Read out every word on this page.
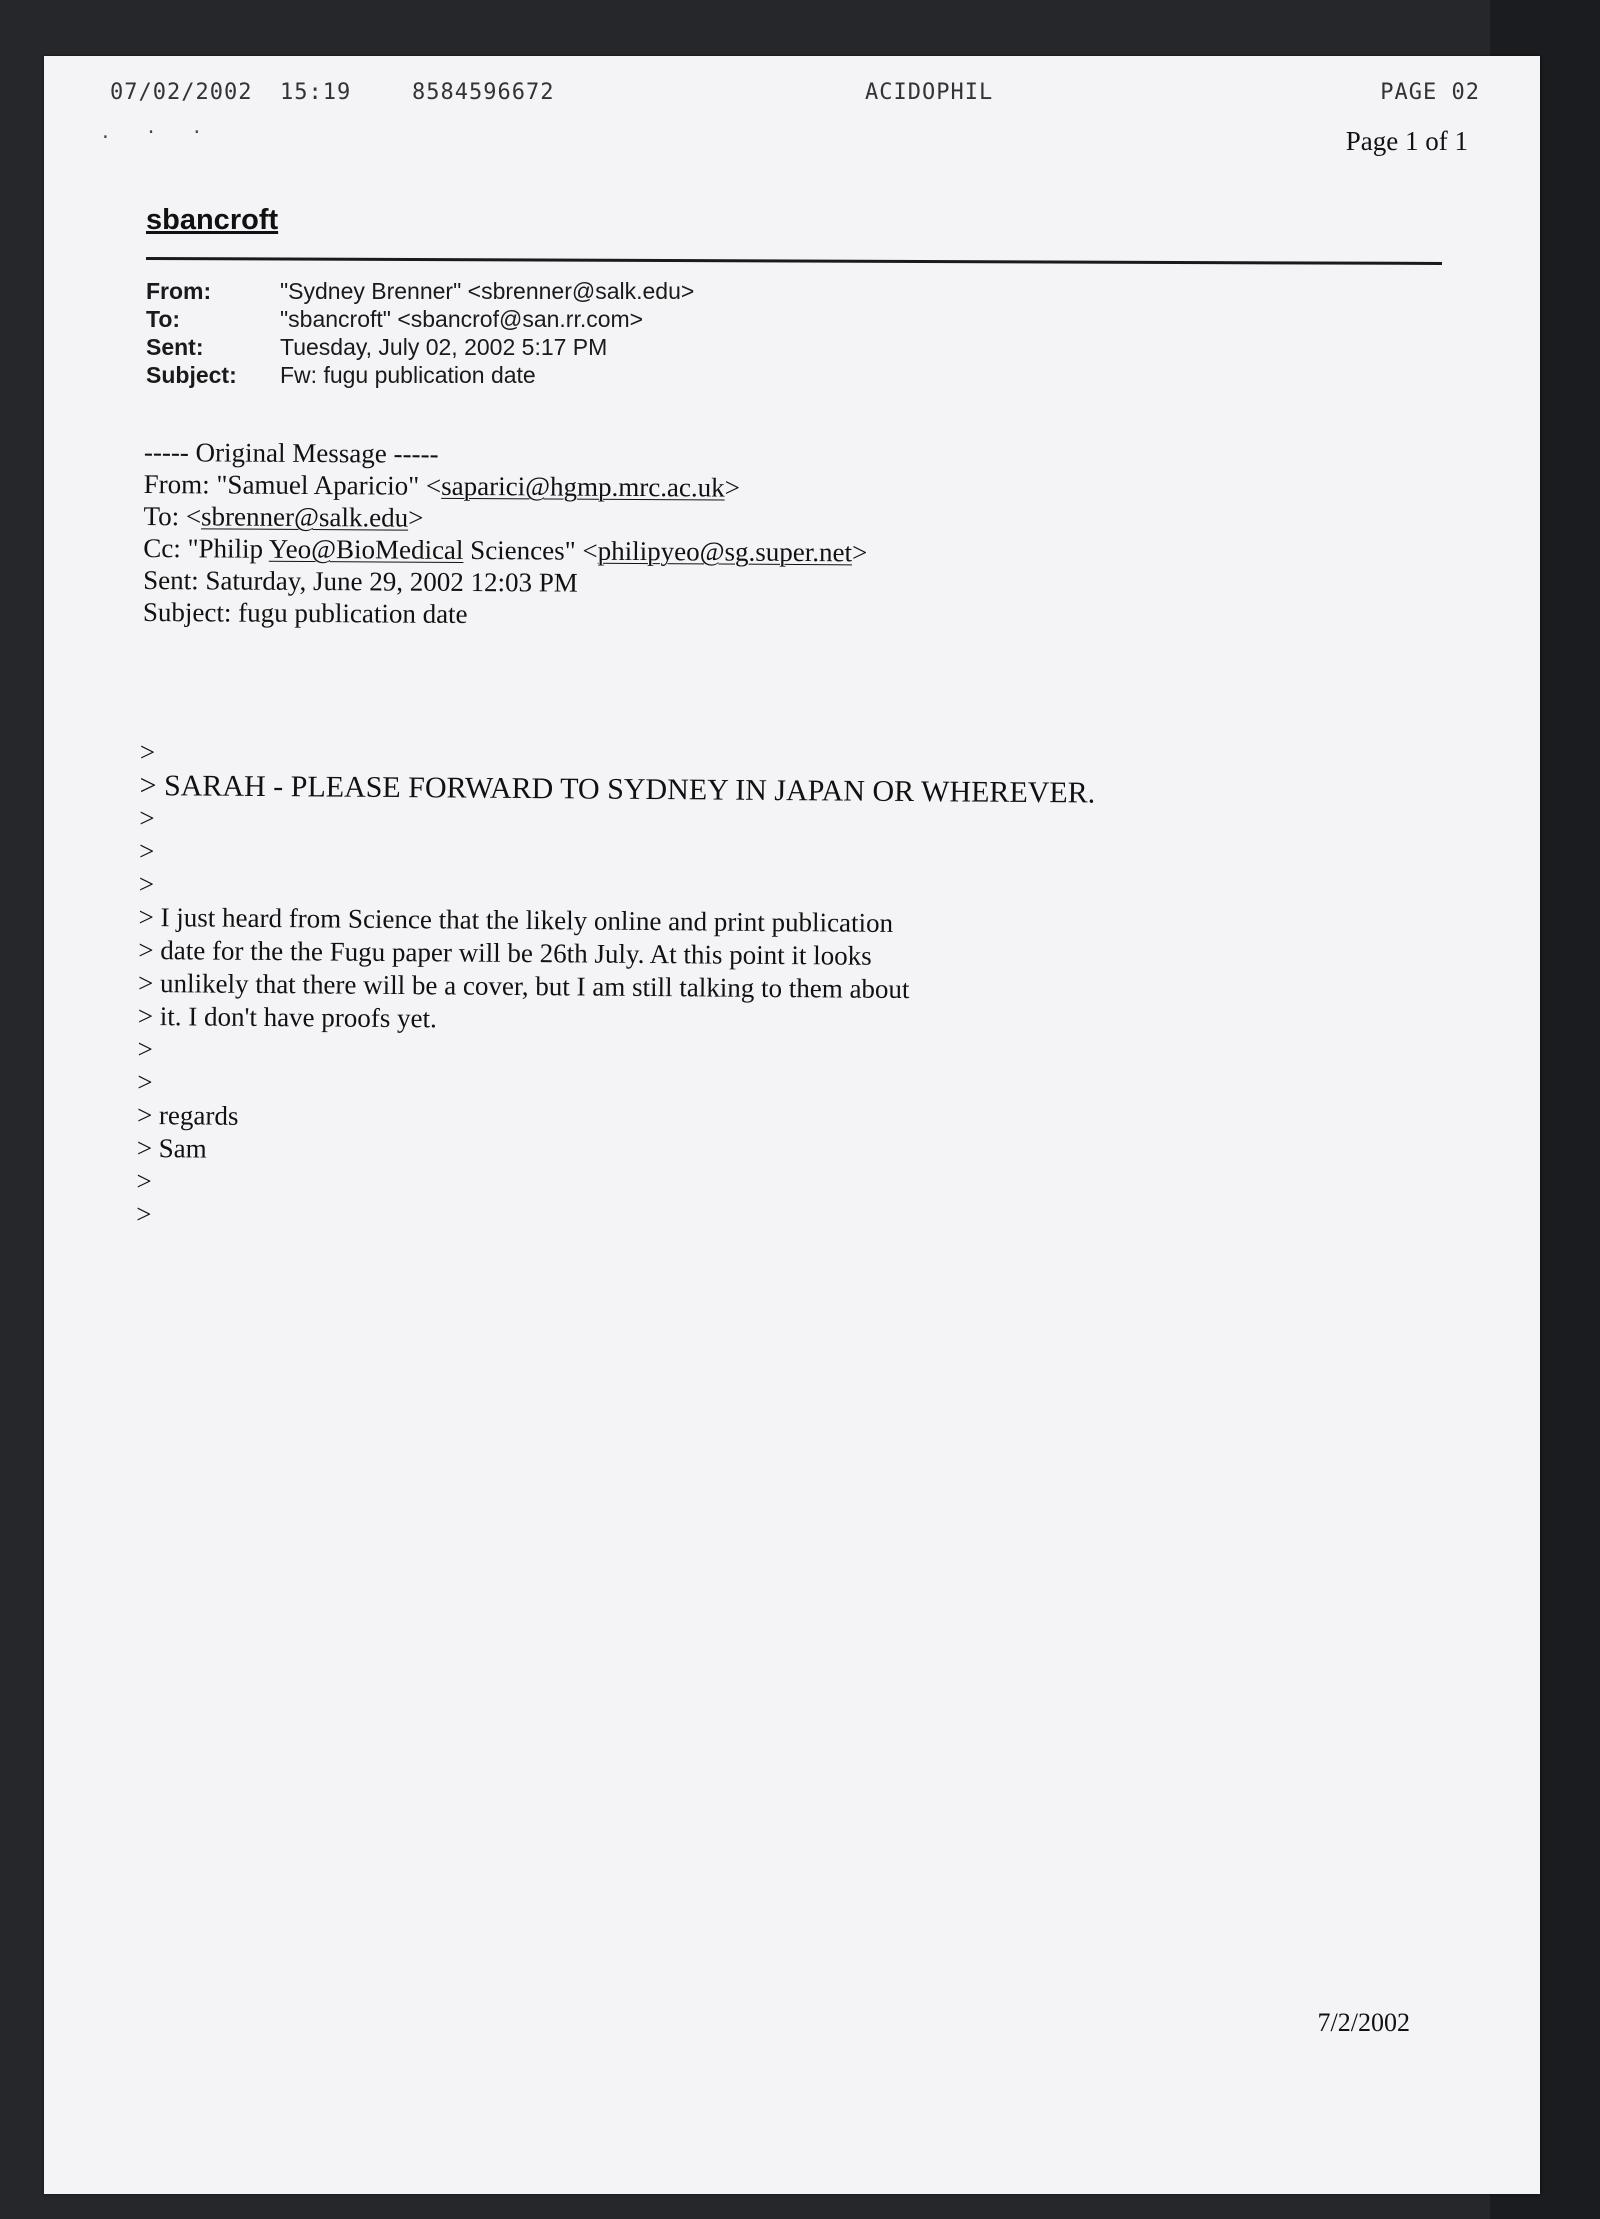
07/02/2002 15:19	8584596672	ACIDOPHIL	PAGE 02
. · ·	Page 1 of 1
sbancroft
From:	"Sydney Brenner" <sbrenner@salk.edu>
To:	"sbancroft" <sbancrof@san.rr.com>
Sent:	Tuesday, July 02, 2002 5:17 PM
Subject:	Fw: fugu publication date
----- Original Message -----
From: "Samuel Aparicio" <saparici@hgmp.mrc.ac.uk>
To: <sbrenner@salk.edu>
Cc: "Philip Yeo@BioMedical Sciences" <philipyeo@sg.super.net>
Sent: Saturday, June 29, 2002 12:03 PM
Subject: fugu publication date
>
> SARAH - PLEASE FORWARD TO SYDNEY IN JAPAN OR WHEREVER.
>
>
>
> I just heard from Science that the likely online and print publication
> date for the the Fugu paper will be 26th July. At this point it looks
> unlikely that there will be a cover, but I am still talking to them about
> it. I don't have proofs yet.
>
>
> regards
> Sam
>
>
7/2/2002
